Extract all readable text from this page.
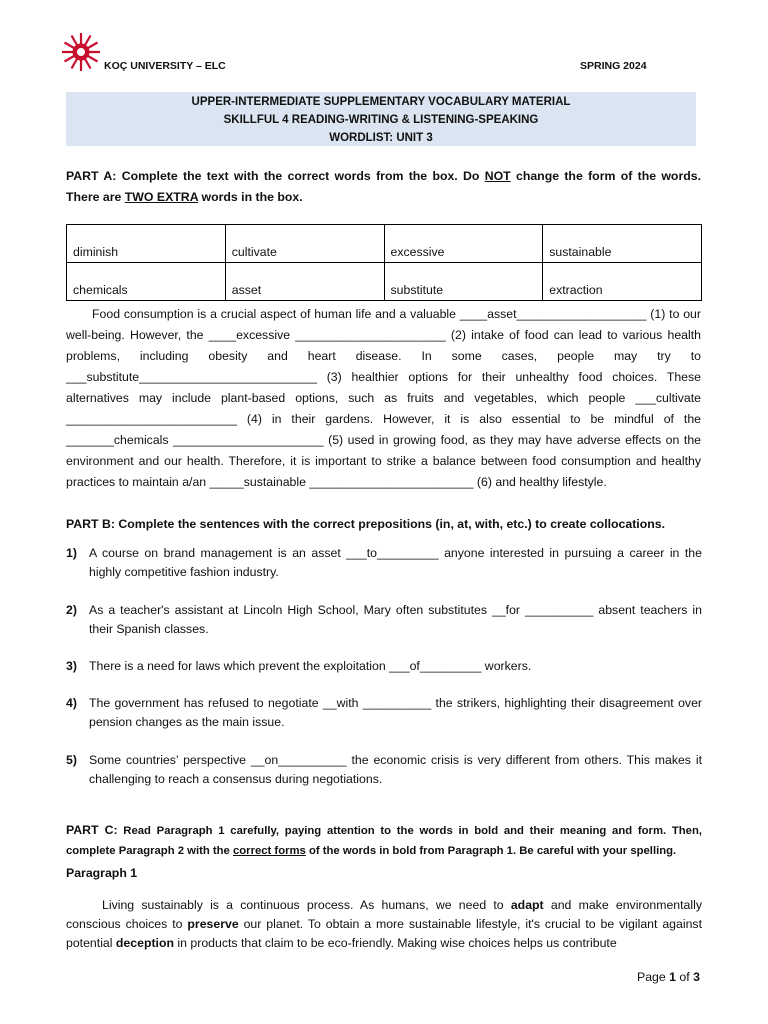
KOÇ UNIVERSITY – ELC	SPRING 2024
UPPER-INTERMEDIATE SUPPLEMENTARY VOCABULARY MATERIAL
SKILLFUL 4 READING-WRITING & LISTENING-SPEAKING
WORDLIST: UNIT 3
PART A: Complete the text with the correct words from the box. Do NOT change the form of the words. There are TWO EXTRA words in the box.
diminish	cultivate	excessive	sustainable
chemicals	asset	substitute	extraction

Food consumption is a crucial aspect of human life and a valuable ____asset___________________ (1) to our well-being. However, the ____excessive ______________________ (2) intake of food can lead to various health problems, including obesity and heart disease. In some cases, people may try to ___substitute__________________________ (3) healthier options for their unhealthy food choices. These alternatives may include plant-based options, such as fruits and vegetables, which people ___cultivate _________________________ (4) in their gardens. However, it is also essential to be mindful of the _______chemicals ______________________ (5) used in growing food, as they may have adverse effects on the environment and our health. Therefore, it is important to strike a balance between food consumption and healthy practices to maintain a/an _____sustainable ________________________ (6) and healthy lifestyle.

PART B: Complete the sentences with the correct prepositions (in, at, with, etc.) to create collocations.
1) A course on brand management is an asset ___to_________ anyone interested in pursuing a career in the highly competitive fashion industry.
2) As a teacher's assistant at Lincoln High School, Mary often substitutes __for __________ absent teachers in their Spanish classes.
3) There is a need for laws which prevent the exploitation ___of_________ workers.
4) The government has refused to negotiate __with __________ the strikers, highlighting their disagreement over pension changes as the main issue.
5) Some countries’ perspective __on__________ the economic crisis is very different from others. This makes it challenging to reach a consensus during negotiations.
PART C: Read Paragraph 1 carefully, paying attention to the words in bold and their meaning and form. Then, complete Paragraph 2 with the correct forms of the words in bold from Paragraph 1. Be careful with your spelling.
Paragraph 1

Living sustainably is a continuous process. As humans, we need to adapt and make environmentally conscious choices to preserve our planet. To obtain a more sustainable lifestyle, it's crucial to be vigilant against potential deception in products that claim to be eco-friendly. Making wise choices helps us contribute

Page 1 of 3
